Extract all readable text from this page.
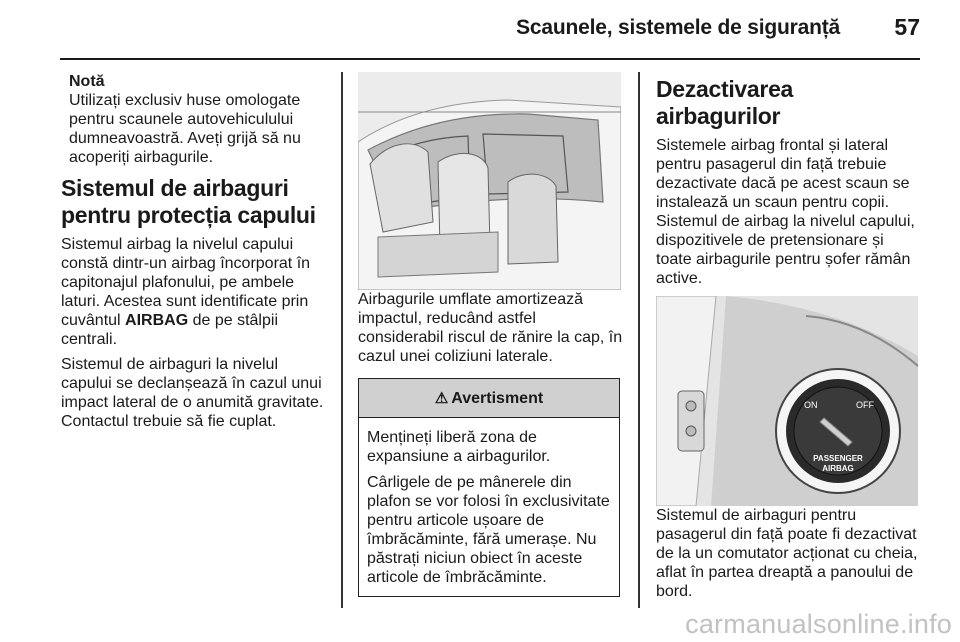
Scaunele, sistemele de siguranță 57

Notă

Utilizați exclusiv huse omologate pentru scaunele autovehiculului dumneavoastră. Aveți grijă să nu acoperiți airbagurile.

Sistemul de airbaguri pentru protecția capului

Sistemul airbag la nivelul capului constă dintr-un airbag încorporat în capitonajul plafonului, pe ambele laturi. Acestea sunt identificate prin cuvântul AIRBAG de pe stâlpii centrali.

Sistemul de airbaguri la nivelul capului se declanșează în cazul unui impact lateral de o anumită gravitate. Contactul trebuie să fie cuplat.

Airbagurile umflate amortizează impactul, reducând astfel considerabil riscul de rănire la cap, în cazul unei coliziuni laterale.

⚠ Avertisment

Mențineți liberă zona de expansiune a airbagurilor.

Cârligele de pe mânerele din plafon se vor folosi în exclusivitate pentru articole ușoare de îmbrăcăminte, fără umerașe. Nu păstrați niciun obiect în aceste articole de îmbrăcăminte.

Dezactivarea airbagurilor

Sistemele airbag frontal și lateral pentru pasagerul din față trebuie dezactivate dacă pe acest scaun se instalează un scaun pentru copii. Sistemul de airbag la nivelul capului, dispozitivele de pretensionare și toate airbagurile pentru șofer rămân active.

ON	OFF
PASSENGER
AIRBAG

Sistemul de airbaguri pentru pasagerul din față poate fi dezactivat de la un comutator acționat cu cheia, aflat în partea dreaptă a panoului de bord.

carmanualsonline.info
